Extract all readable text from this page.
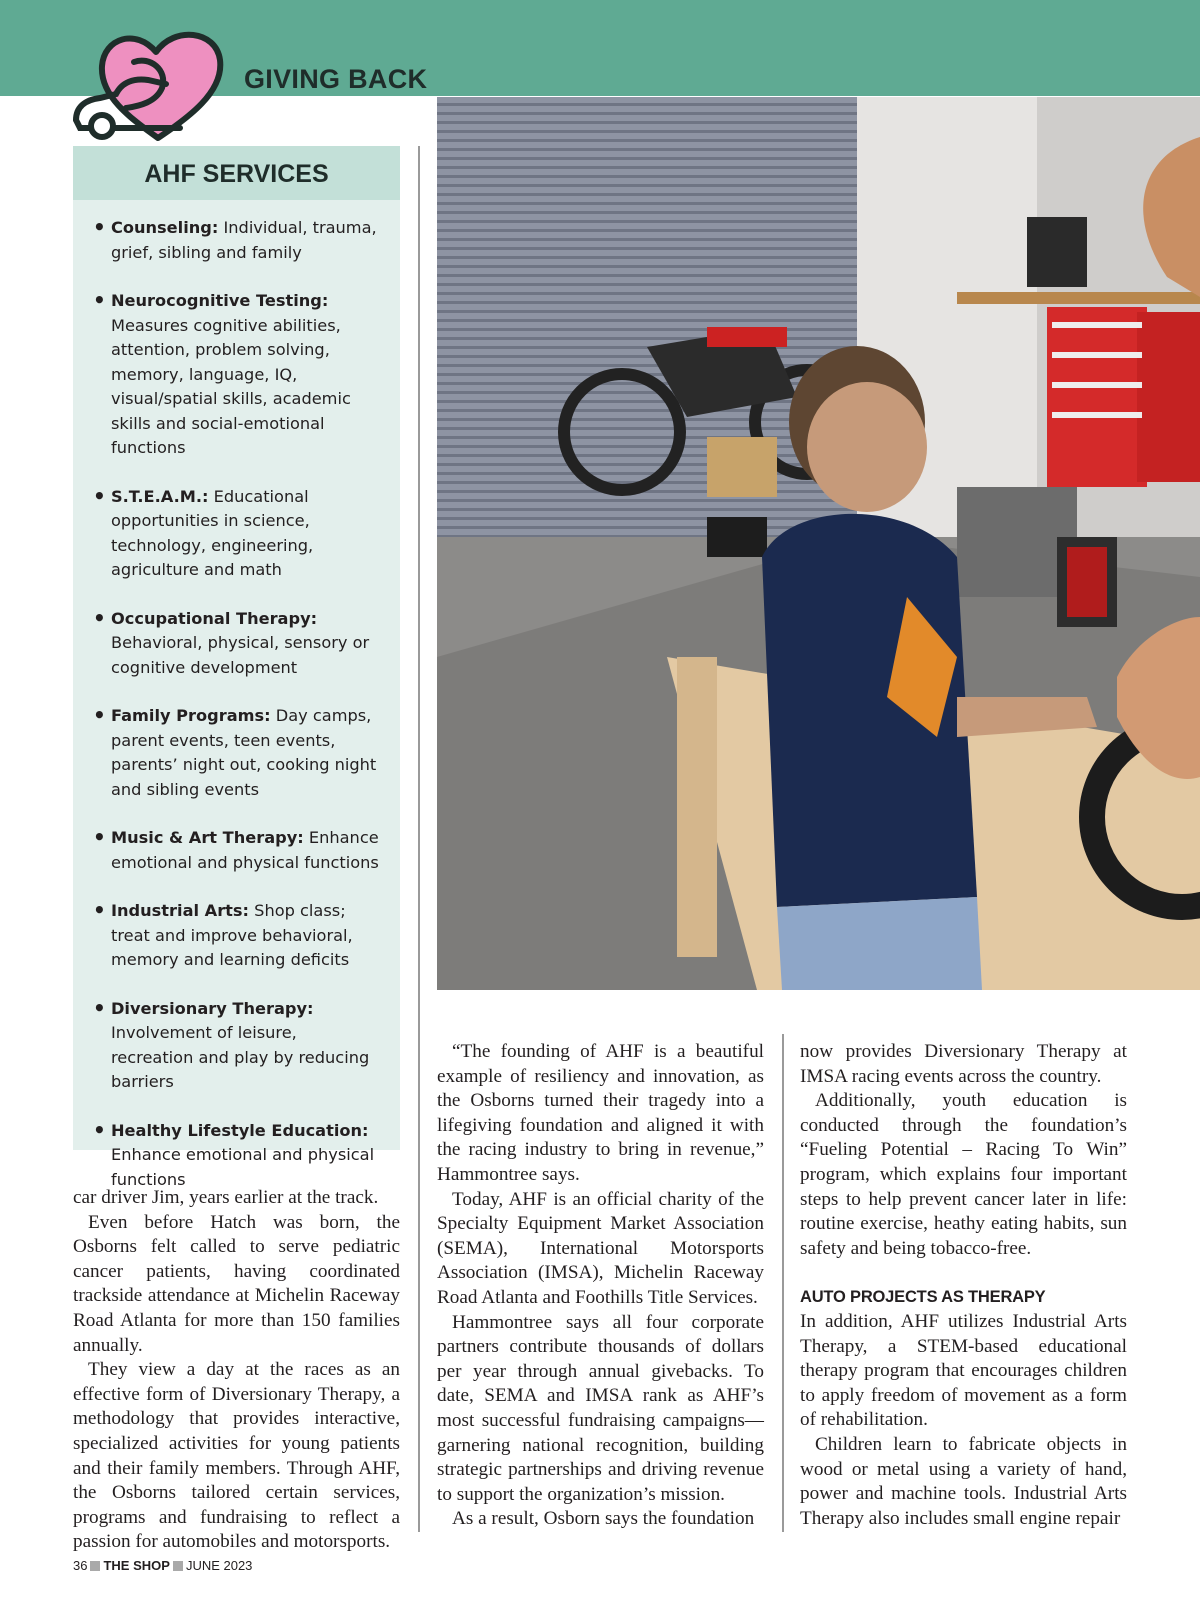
GIVING BACK
AHF SERVICES
• Counseling: Individual, trauma, grief, sibling and family
• Neurocognitive Testing: Measures cognitive abilities, attention, problem solving, memory, language, IQ, visual/spatial skills, academic skills and social-emotional functions
• S.T.E.A.M.: Educational opportunities in science, technology, engineering, agriculture and math
• Occupational Therapy: Behavioral, physical, sensory or cognitive development
• Family Programs: Day camps, parent events, teen events, parents’ night out, cooking night and sibling events
• Music & Art Therapy: Enhance emotional and physical functions
• Industrial Arts: Shop class; treat and improve behavioral, memory and learning deficits
• Diversionary Therapy: Involvement of leisure, recreation and play by reducing barriers
• Healthy Lifestyle Education: Enhance emotional and physical functions

car driver Jim, years earlier at the track.

Even before Hatch was born, the Osborns felt called to serve pediatric cancer patients, having coordinated trackside attendance at Michelin Raceway Road Atlanta for more than 150 families annually.

They view a day at the races as an effective form of Diversionary Therapy, a methodology that provides interactive, specialized activities for young patients and their family members. Through AHF, the Osborns tailored certain services, programs and fundraising to reflect a passion for automobiles and motorsports.

“The founding of AHF is a beautiful example of resiliency and innovation, as the Osborns turned their tragedy into a lifegiving foundation and aligned it with the racing industry to bring in revenue,” Hammontree says.

Today, AHF is an official charity of the Specialty Equipment Market Association (SEMA), International Motorsports Association (IMSA), Michelin Raceway Road Atlanta and Foothills Title Services.

Hammontree says all four corporate partners contribute thousands of dollars per year through annual givebacks. To date, SEMA and IMSA rank as AHF’s most successful fundraising campaigns—garnering national recognition, building strategic partnerships and driving revenue to support the organization’s mission.

As a result, Osborn says the foundation

now provides Diversionary Therapy at IMSA racing events across the country.

Additionally, youth education is conducted through the foundation’s “Fueling Potential – Racing To Win” program, which explains four important steps to help prevent cancer later in life: routine exercise, heathy eating habits, sun safety and being tobacco-free.

AUTO PROJECTS AS THERAPY

In addition, AHF utilizes Industrial Arts Therapy, a STEM-based educational therapy program that encourages children to apply freedom of movement as a form of rehabilitation.

Children learn to fabricate objects in wood or metal using a variety of hand, power and machine tools. Industrial Arts Therapy also includes small engine repair

36 THE SHOP JUNE 2023
